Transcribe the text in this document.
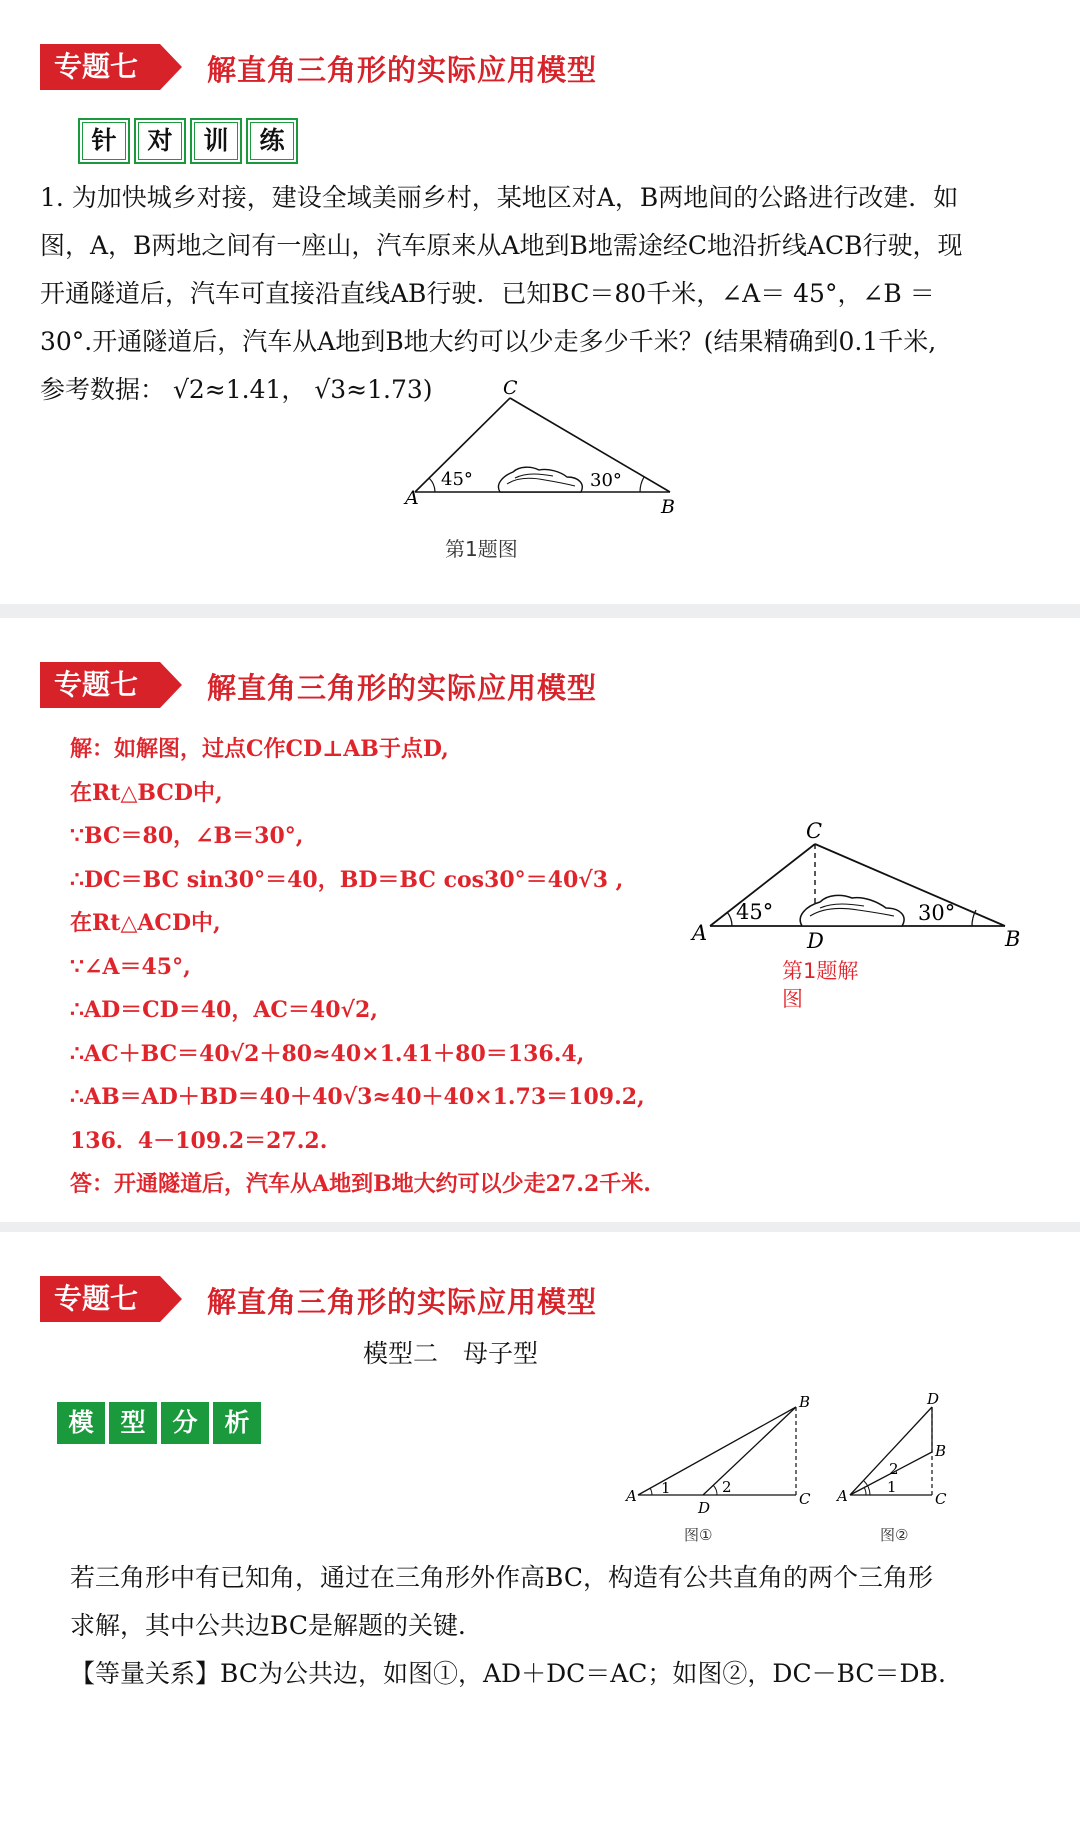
专题七	解直角三角形的实际应用模型
针	对	训	练
1. 为加快城乡对接，建设全域美丽乡村，某地区对A，B两地间的公路进行改建．如
图，A，B两地之间有一座山，汽车原来从A地到B地需途经C地沿折线ACB行驶，现
开通隧道后，汽车可直接沿直线AB行驶．已知BC＝80千米，∠A＝ 45°，∠B ＝
30°.开通隧道后，汽车从A地到B地大约可以少走多少千米？(结果精确到0.1千米,
参考数据： √2≈1.41， √3≈1.73)
A
C
B
45°	30°
第1题图
专题七	解直角三角形的实际应用模型
解：如解图，过点C作CD⊥AB于点D,
在Rt△BCD中,
∵BC＝80，∠B＝30°,
∴DC＝BC sin30°＝40，BD＝BC cos30°＝40√3 ,
在Rt△ACD中,
∵∠A＝45°,
∴AD＝CD＝40，AC＝40√2,
∴AC＋BC＝40√2＋80≈40×1.41＋80＝136.4,
∴AB＝AD＋BD＝40＋40√3≈40＋40×1.73＝109.2,
136．4－109.2＝27.2.
答：开通隧道后，汽车从A地到B地大约可以少走27.2千米.
A
C
B
D
45°	30°
第1题解
图
专题七	解直角三角形的实际应用模型
模型二　母子型
模	型	分	析
A
B
C
D
1	2
图①
A
D
B
C
1
2
图②
若三角形中有已知角，通过在三角形外作高BC，构造有公共直角的两个三角形
求解，其中公共边BC是解题的关键．
【等量关系】BC为公共边，如图①，AD＋DC＝AC；如图②，DC－BC＝DB.
